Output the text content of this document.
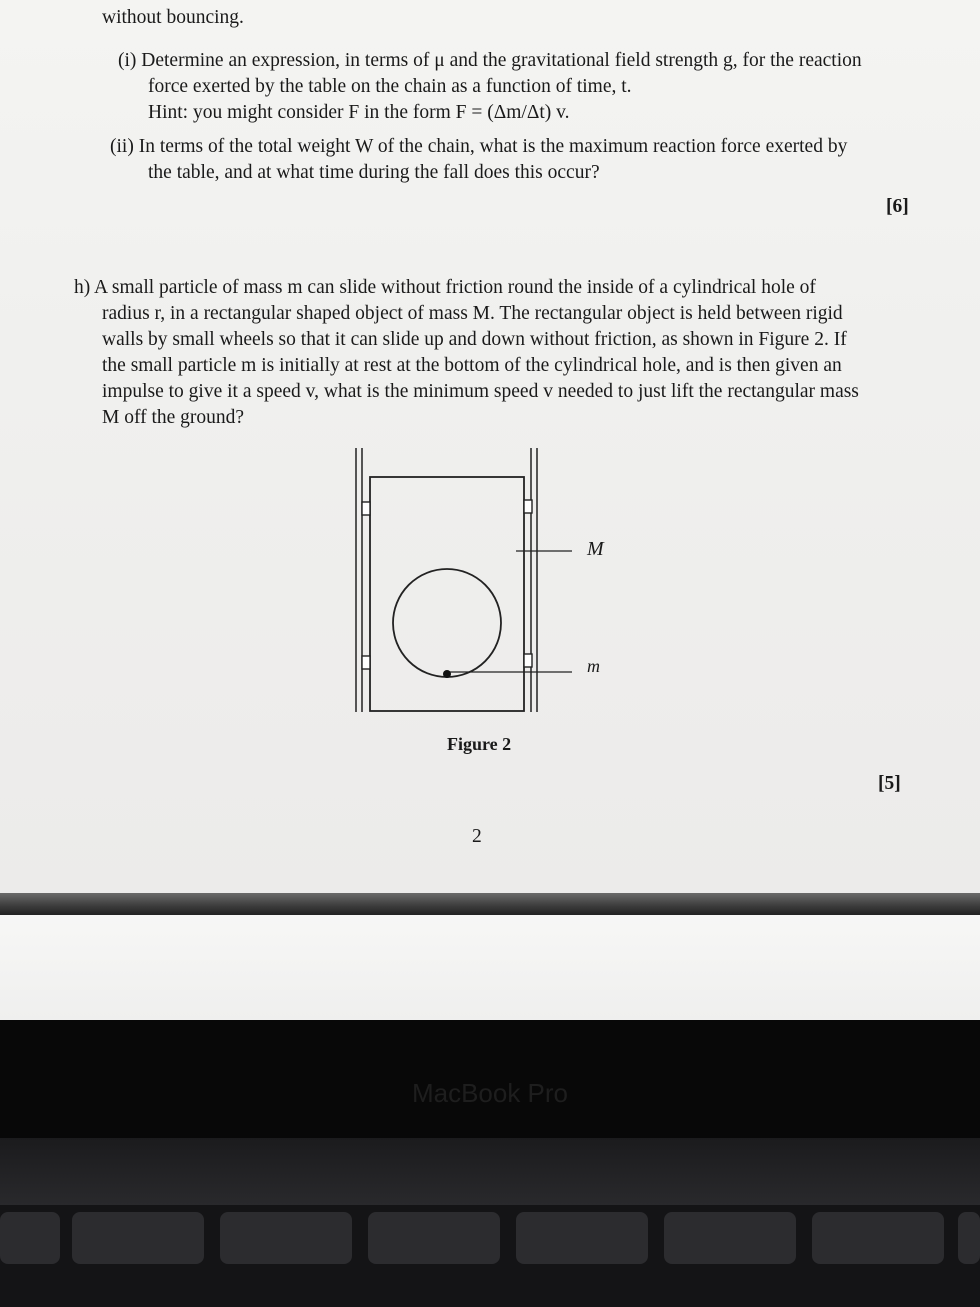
without bouncing.
(i) Determine an expression, in terms of μ and the gravitational field strength g, for the reaction
force exerted by the table on the chain as a function of time, t.
Hint: you might consider F in the form F = (Δm/Δt) v.
(ii) In terms of the total weight W of the chain, what is the maximum reaction force exerted by
the table, and at what time during the fall does this occur?
[6]
h) A small particle of mass m can slide without friction round the inside of a cylindrical hole of
radius r, in a rectangular shaped object of mass M. The rectangular object is held between rigid
walls by small wheels so that it can slide up and down without friction, as shown in Figure 2. If
the small particle m is initially at rest at the bottom of the cylindrical hole, and is then given an
impulse to give it a speed v, what is the minimum speed v needed to just lift the rectangular mass
M off the ground?
M
m
Figure 2
[5]
2
MacBook Pro
